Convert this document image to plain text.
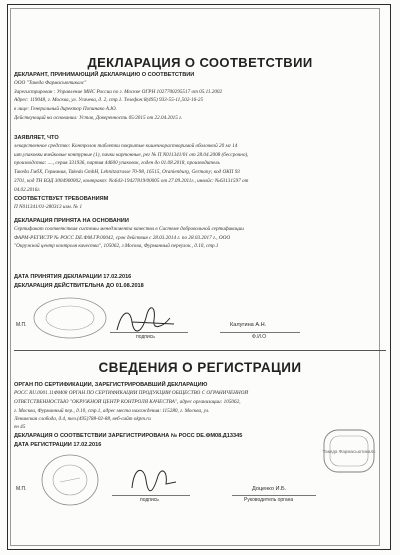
ДЕКЛАРАЦИЯ О СООТВЕТСТВИИ
ДЕКЛАРАНТ, ПРИНИМАЮЩИЙ ДЕКЛАРАЦИЮ О СООТВЕТСТВИИ
ООО "Такеда Фармасьютикалс"
Зарегистрирован : Управление МНС России по г. Москве ОГРН 1027700295517 от 05.11.2002
Адрес: 119048, г. Москва, ул. Усачева, д. 2, стр.1. Телефон:8(495) 933-55-11,502-16-25
в лице: Генеральный директор Попинако А.Ю.
Действующий на основании: Устав, Доверенность 05/2015 от 22.04.2015 г.
ЗАЯВЛЯЕТ, ЧТО
лекарственное средство: Контролок таблетки покрытые кишечнорастворимой оболочкой 20 мг 14
шт.упаковки ячейковые контурные (1), пачки картонные, рег № П N011341/01 от 28.04.2008 (бессрочно),
производства: ...., серия 331936, партия 44600 упаковок, годен до 01.08.2018, производитель
Такеда ГмбХ, Германия, Takeda GmbH, Lehnitzstrasse 70-98, 16515, Oranienburg, Germany; код ОКП 93
3701, код ТН ВЭД 3004900002, контракт: Nо643-19427819/00005 от 27.09.2011г., инвойс: №63131597 от
04.02.2016г.
СООТВЕТСТВУЕТ ТРЕБОВАНИЯМ
П N011341/01-280313 изм. № 1
ДЕКЛАРАЦИЯ ПРИНЯТА НА ОСНОВАНИИ
Сертификат соответствия системы менеджмента качества в Системе добровольной сертификации
ФАРМ-РЕГИСТР № РОСС DE.ФМ.ГР.00042, срок действия с 28.03.2014 г. по 28.03.2017 г., ООО
"Окружной центр контроля качества", 105062, г.Москва, Фурманный переулок., д.10, стр.1
ДАТА ПРИНЯТИЯ ДЕКЛАРАЦИИ 17.02.2016
ДЕКЛАРАЦИЯ ДЕЙСТВИТЕЛЬНА ДО 01.08.2018
подпись
Калугина А.Н.
Ф.И.О
М.П.
СВЕДЕНИЯ О РЕГИСТРАЦИИ
ОРГАН ПО СЕРТИФИКАЦИИ, ЗАРЕГИСТРИРОВАВШИЙ ДЕКЛАРАЦИЮ
РОСС RU.0001.11ФМ08 ОРГАН ПО СЕРТИФИКАЦИИ ПРОДУКЦИИ ОБЩЕСТВО С ОГРАНИЧЕННОЙ
ОТВЕТСТВЕННОСТЬЮ "ОКРУЖНОЙ ЦЕНТР КОНТРОЛЯ КАЧЕСТВА", адрес организации: 105062,
г. Москва, Фурманный пер., д.10, стр.1, адрес места нахождения: 115280, г. Москва, ул.
Ленинская слобода, д.4, тел.(495)788-02-88, веб-сайт okpm.ru
ен 45
ДЕКЛАРАЦИЯ О СООТВЕТСТВИИ ЗАРЕГИСТРИРОВАНА № РОСС DE.ФМ08.Д13345
ДАТА РЕГИСТРАЦИИ 17.02.2016
подпись
Доценко И.Б.
Руководитель органа
М.П.
Такеда Фармасьютикалс
